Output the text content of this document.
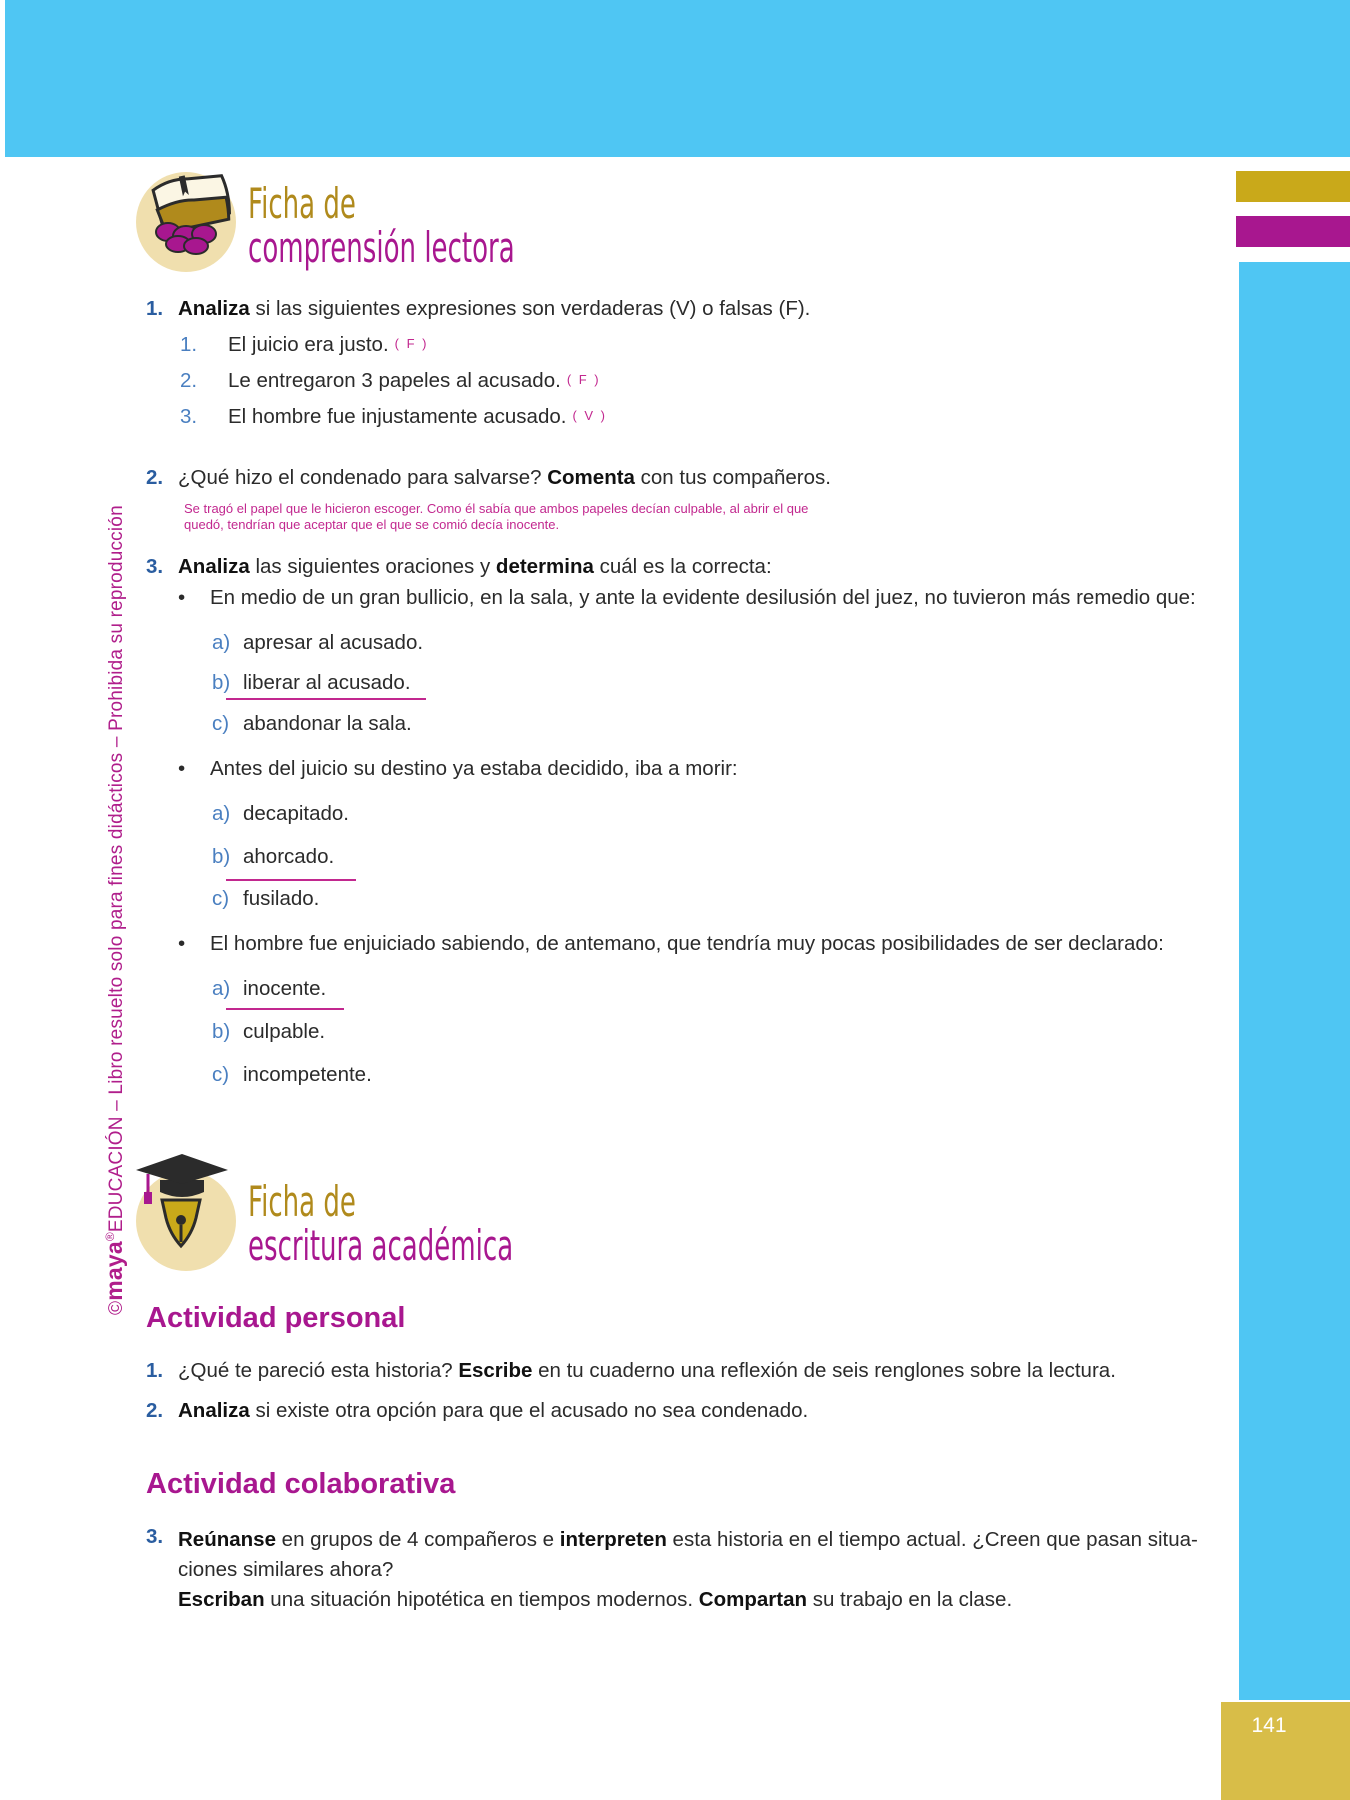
141
©maya®EDUCACIÓN – Libro resuelto solo para fines didácticos – Prohibida su reproducción
Ficha de
comprensión lectora
1. Analiza si las siguientes expresiones son verdaderas (V) o falsas (F).
1. El juicio era justo. ( F )
2. Le entregaron 3 papeles al acusado. ( F )
3. El hombre fue injustamente acusado. ( V )
2. ¿Qué hizo el condenado para salvarse? Comenta con tus compañeros.
Se tragó el papel que le hicieron escoger. Como él sabía que ambos papeles decían culpable, al abrir el que
quedó, tendrían que aceptar que el que se comió decía inocente.
3. Analiza las siguientes oraciones y determina cuál es la correcta:
• En medio de un gran bullicio, en la sala, y ante la evidente desilusión del juez, no tuvieron más remedio que:
a) apresar al acusado.
b) liberar al acusado.
c) abandonar la sala.
• Antes del juicio su destino ya estaba decidido, iba a morir:
a) decapitado.
b) ahorcado.
c) fusilado.
• El hombre fue enjuiciado sabiendo, de antemano, que tendría muy pocas posibilidades de ser declarado:
a) inocente.
b) culpable.
c) incompetente.
Ficha de
escritura académica
Actividad personal
1. ¿Qué te pareció esta historia? Escribe en tu cuaderno una reflexión de seis renglones sobre la lectura.
2. Analiza si existe otra opción para que el acusado no sea condenado.
Actividad colaborativa
3. Reúnanse en grupos de 4 compañeros e interpreten esta historia en el tiempo actual. ¿Creen que pasan situa-
ciones similares ahora?
Escriban una situación hipotética en tiempos modernos. Compartan su trabajo en la clase.
